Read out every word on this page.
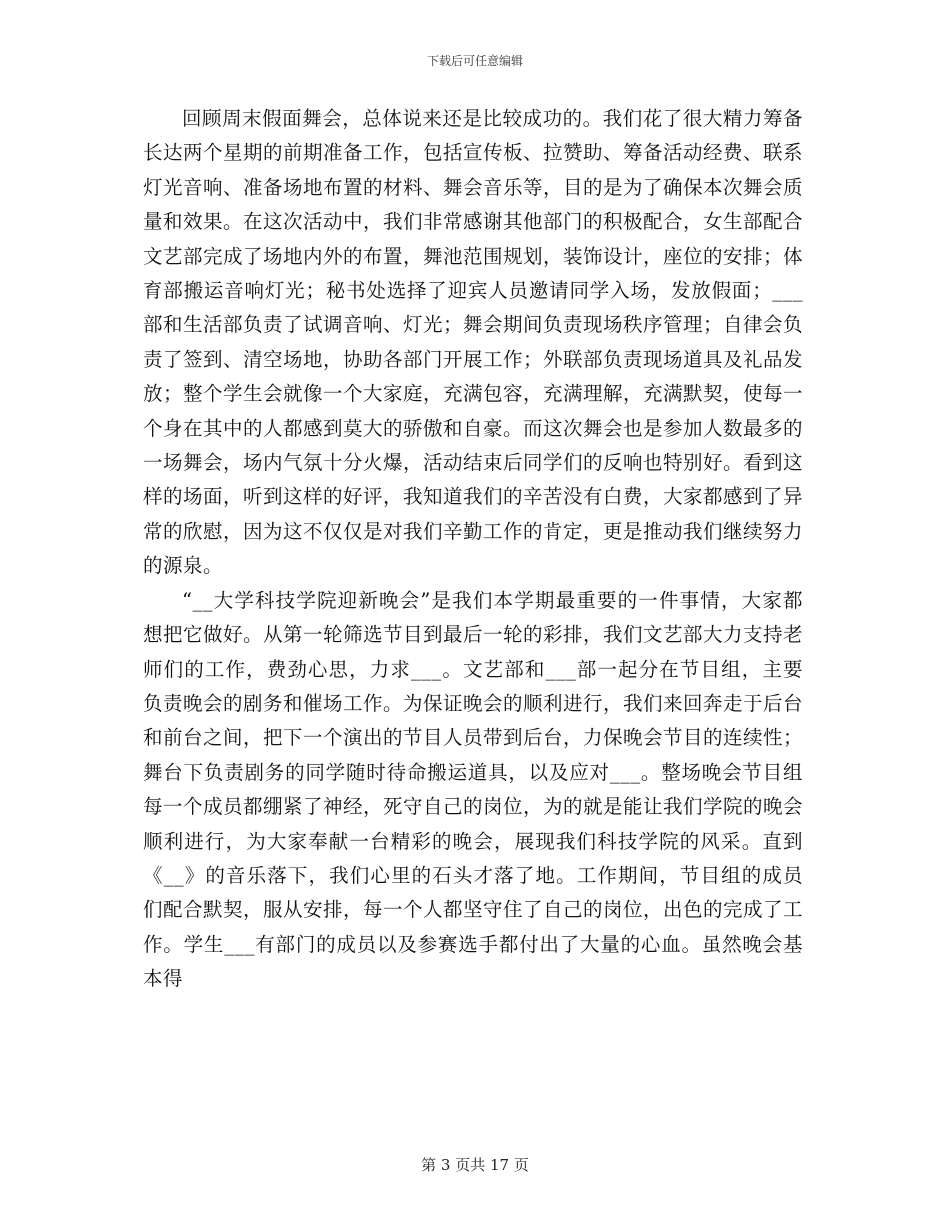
下载后可任意编辑

回顾周末假面舞会，总体说来还是比较成功的。我们花了很大精力筹备长达两个星期的前期准备工作，包括宣传板、拉赞助、筹备活动经费、联系灯光音响、准备场地布置的材料、舞会音乐等，目的是为了确保本次舞会质量和效果。在这次活动中，我们非常感谢其他部门的积极配合，女生部配合文艺部完成了场地内外的布置，舞池范围规划，装饰设计，座位的安排；体育部搬运音响灯光；秘书处选择了迎宾人员邀请同学入场，发放假面；___部和生活部负责了试调音响、灯光；舞会期间负责现场秩序管理；自律会负责了签到、清空场地，协助各部门开展工作；外联部负责现场道具及礼品发放；整个学生会就像一个大家庭，充满包容，充满理解，充满默契，使每一个身在其中的人都感到莫大的骄傲和自豪。而这次舞会也是参加人数最多的一场舞会，场内气氛十分火爆，活动结束后同学们的反响也特别好。看到这样的场面，听到这样的好评，我知道我们的辛苦没有白费，大家都感到了异常的欣慰，因为这不仅仅是对我们辛勤工作的肯定，更是推动我们继续努力的源泉。

“__大学科技学院迎新晚会”是我们本学期最重要的一件事情，大家都想把它做好。从第一轮筛选节目到最后一轮的彩排，我们文艺部大力支持老师们的工作，费劲心思，力求___。文艺部和___部一起分在节目组，主要负责晚会的剧务和催场工作。为保证晚会的顺利进行，我们来回奔走于后台和前台之间，把下一个演出的节目人员带到后台，力保晚会节目的连续性；舞台下负责剧务的同学随时待命搬运道具，以及应对___。整场晚会节目组每一个成员都绷紧了神经，死守自己的岗位，为的就是能让我们学院的晚会顺利进行，为大家奉献一台精彩的晚会，展现我们科技学院的风采。直到《__》的音乐落下，我们心里的石头才落了地。工作期间，节目组的成员们配合默契，服从安排，每一个人都坚守住了自己的岗位，出色的完成了工作。学生___有部门的成员以及参赛选手都付出了大量的心血。虽然晚会基本得

第 3 页共 17 页
